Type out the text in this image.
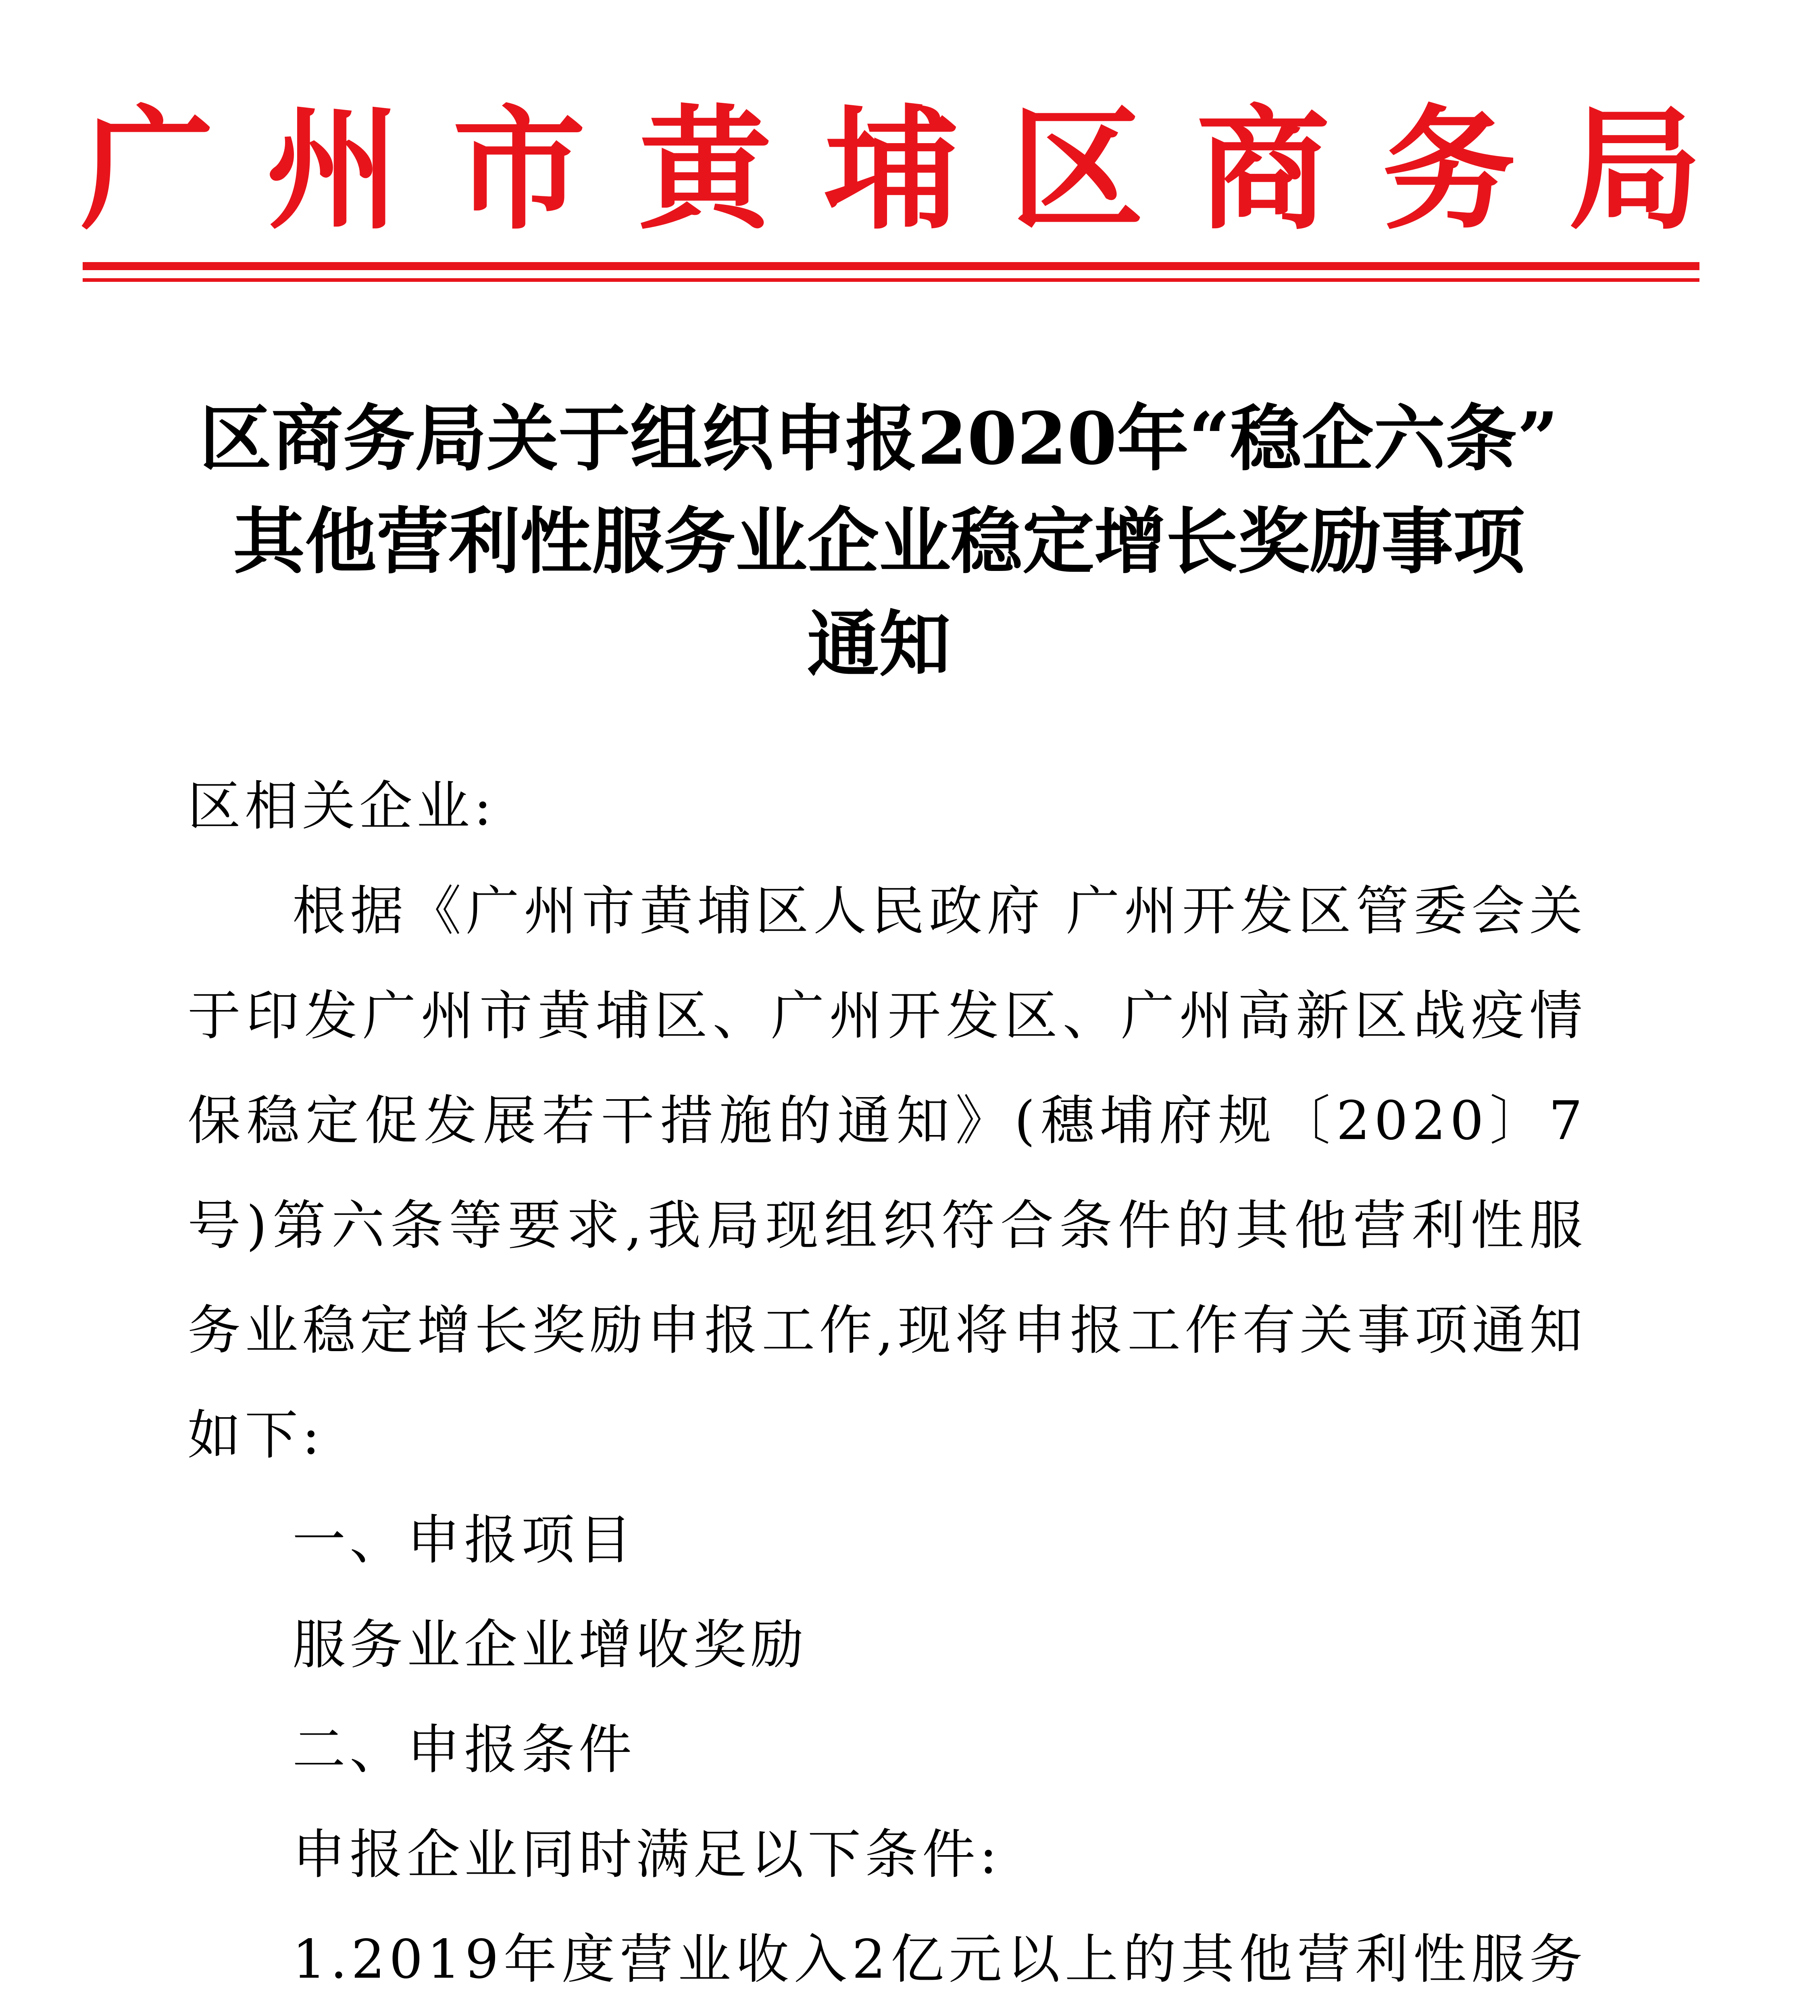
广 州 市 黄 埔 区 商 务 局
区商务局关于组织申报2020年“稳企六条”
其他营利性服务业企业稳定增长奖励事项
通知

区相关企业:

根据《广州市黄埔区人民政府 广州开发区管委会关于印发广州市黄埔区、广州开发区、广州高新区战疫情保稳定促发展若干措施的通知》(穗埔府规〔2020〕7号)第六条等要求,我局现组织符合条件的其他营利性服务业稳定增长奖励申报工作,现将申报工作有关事项通知如下:

一、申报项目

服务业企业增收奖励

二、申报条件

申报企业同时满足以下条件:

1.2019年度营业收入2亿元以上的其他营利性服务
